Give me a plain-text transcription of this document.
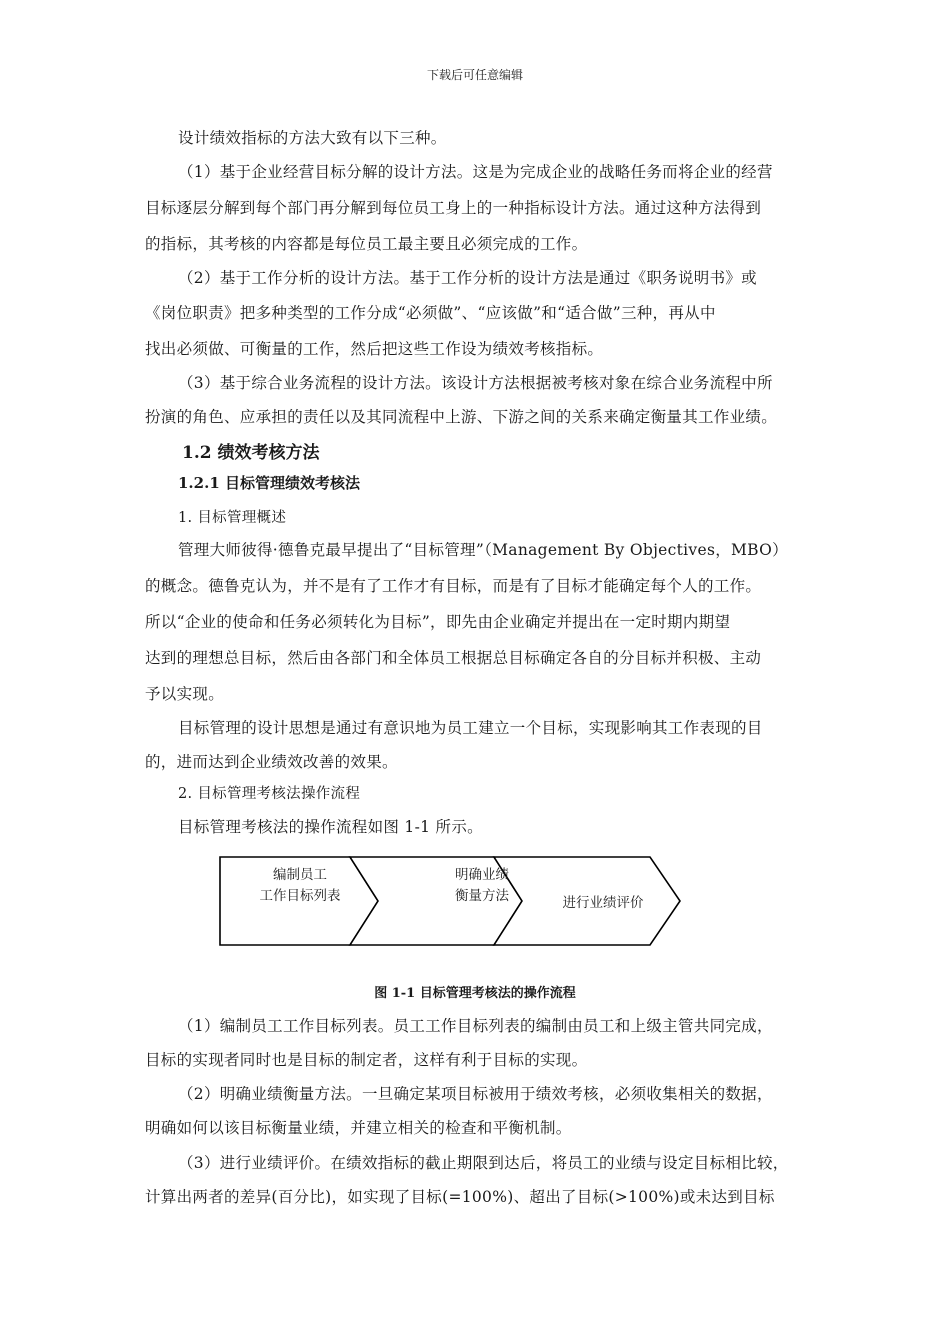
下载后可任意编辑
设计绩效指标的方法大致有以下三种。
（1）基于企业经营目标分解的设计方法。这是为完成企业的战略任务而将企业的经营
目标逐层分解到每个部门再分解到每位员工身上的一种指标设计方法。通过这种方法得到
的指标，其考核的内容都是每位员工最主要且必须完成的工作。
（2）基于工作分析的设计方法。基于工作分析的设计方法是通过《职务说明书》或
《岗位职责》把多种类型的工作分成“必须做”、“应该做”和“适合做”三种，再从中
找出必须做、可衡量的工作，然后把这些工作设为绩效考核指标。
（3）基于综合业务流程的设计方法。该设计方法根据被考核对象在综合业务流程中所
扮演的角色、应承担的责任以及其同流程中上游、下游之间的关系来确定衡量其工作业绩。
1.2 绩效考核方法
1.2.1 目标管理绩效考核法
1. 目标管理概述
管理大师彼得·德鲁克最早提出了“目标管理”（Management By Objectives，MBO）
的概念。德鲁克认为，并不是有了工作才有目标，而是有了目标才能确定每个人的工作。
所以“企业的使命和任务必须转化为目标”，即先由企业确定并提出在一定时期内期望
达到的理想总目标，然后由各部门和全体员工根据总目标确定各自的分目标并积极、主动
予以实现。
目标管理的设计思想是通过有意识地为员工建立一个目标，实现影响其工作表现的目
的，进而达到企业绩效改善的效果。
2. 目标管理考核法操作流程
目标管理考核法的操作流程如图 1-1 所示。
编制员工
工作目标列表
明确业绩
衡量方法	进行业绩评价
图 1-1 目标管理考核法的操作流程
（1）编制员工工作目标列表。员工工作目标列表的编制由员工和上级主管共同完成，
目标的实现者同时也是目标的制定者，这样有利于目标的实现。
（2）明确业绩衡量方法。一旦确定某项目标被用于绩效考核，必须收集相关的数据，
明确如何以该目标衡量业绩，并建立相关的检查和平衡机制。
（3）进行业绩评价。在绩效指标的截止期限到达后，将员工的业绩与设定目标相比较，
计算出两者的差异(百分比)，如实现了目标(=100%)、超出了目标(>100%)或未达到目标
